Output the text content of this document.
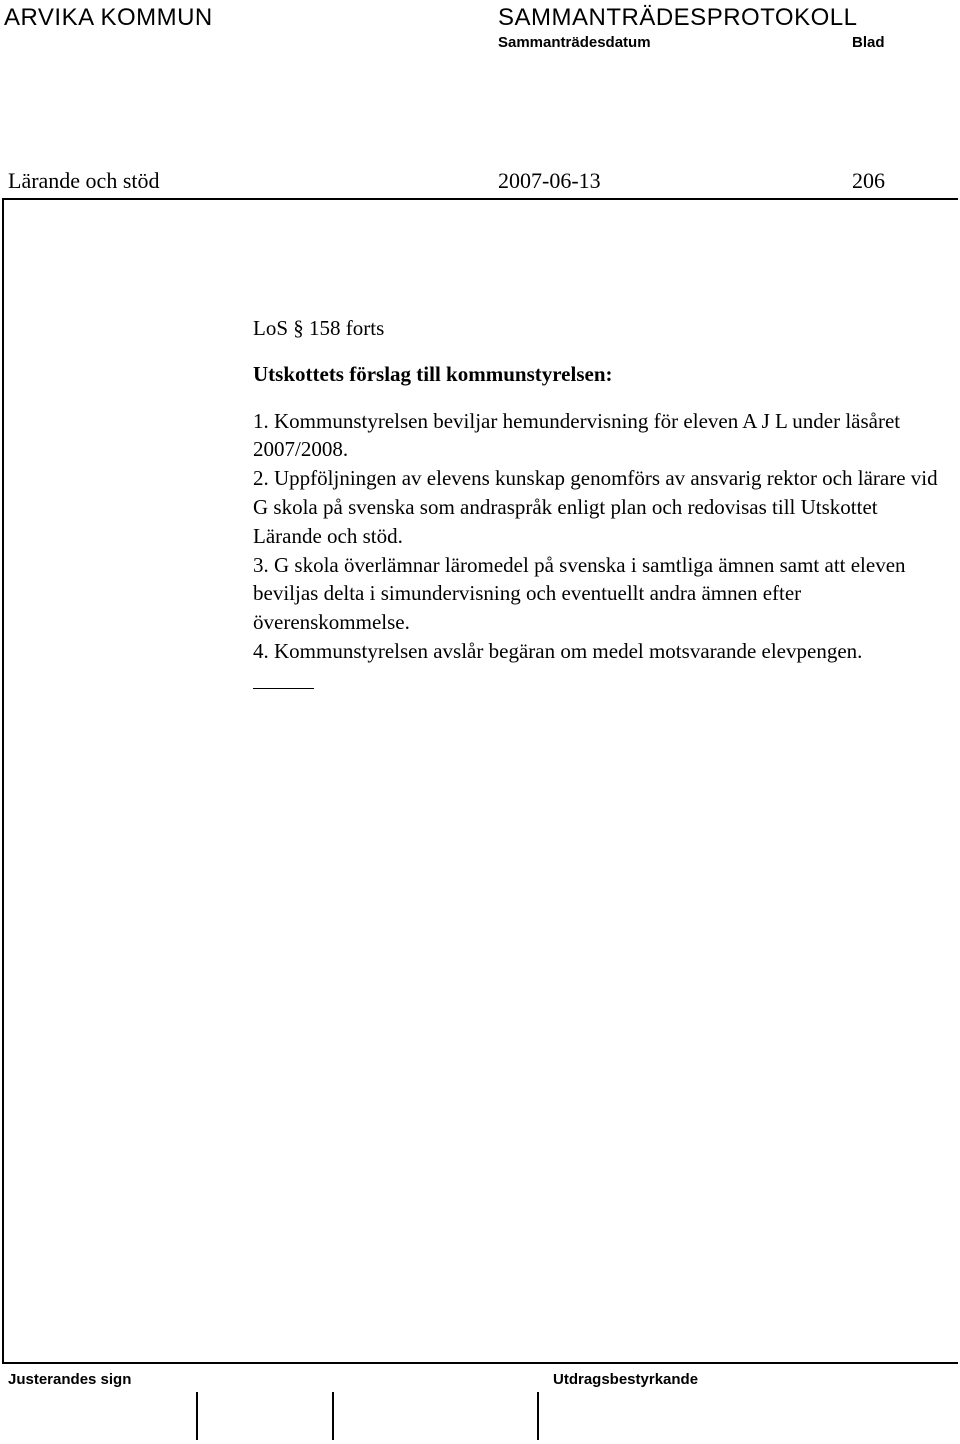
ARVIKA KOMMUN	SAMMANTRÄDESPROTOKOLL
Sammanträdesdatum	Blad
Lärande och stöd	2007-06-13	206

LoS § 158 forts

Utskottets förslag till kommunstyrelsen:

1. Kommunstyrelsen beviljar hemundervisning för eleven A J L under läsåret 2007/2008.

2. Uppföljningen av elevens kunskap genomförs av ansvarig rektor och lärare vid G skola på svenska som andraspråk enligt plan och redovisas till Utskottet Lärande och stöd.

3. G skola överlämnar läromedel på svenska i samtliga ämnen samt att eleven beviljas delta i simundervisning och eventuellt andra ämnen efter överenskommelse.

4. Kommunstyrelsen avslår begäran om medel motsvarande elevpengen.

Justerandes sign	Utdragsbestyrkande
